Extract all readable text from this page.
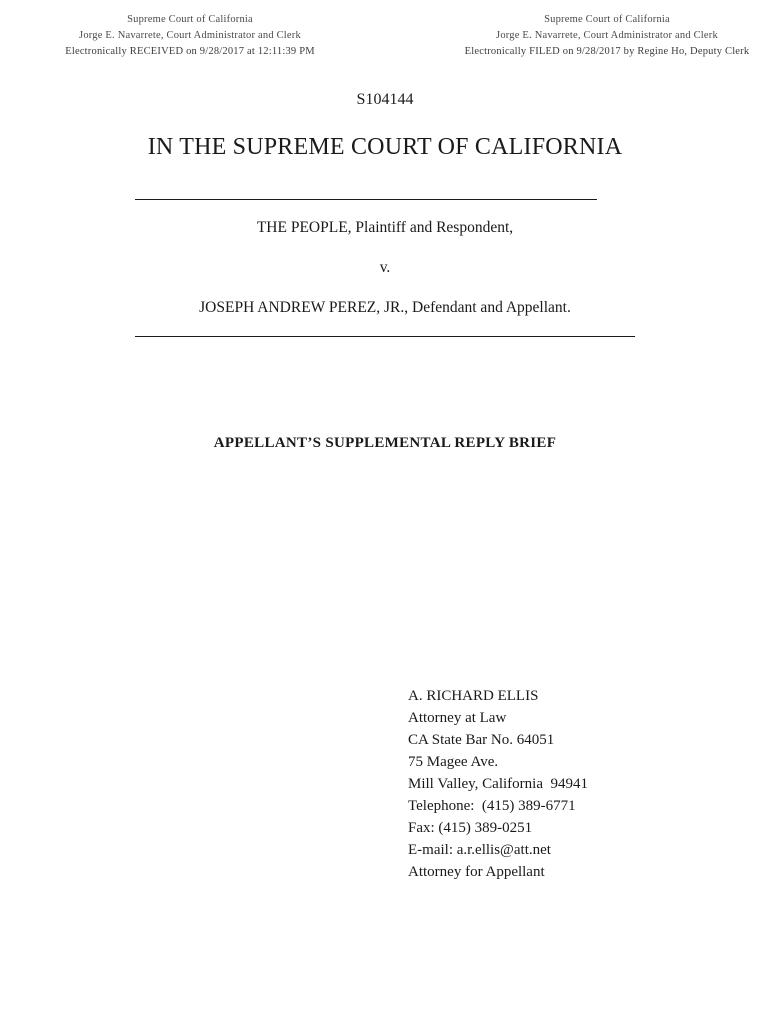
Supreme Court of California
Jorge E. Navarrete, Court Administrator and Clerk
Electronically RECEIVED on 9/28/2017 at 12:11:39 PM
Supreme Court of California
Jorge E. Navarrete, Court Administrator and Clerk
Electronically FILED on 9/28/2017 by Regine Ho, Deputy Clerk
S104144
IN THE SUPREME COURT OF CALIFORNIA
THE PEOPLE, Plaintiff and Respondent,
v.
JOSEPH ANDREW PEREZ, JR., Defendant and Appellant.
APPELLANT’S SUPPLEMENTAL REPLY BRIEF
A. RICHARD ELLIS
Attorney at Law
CA State Bar No. 64051
75 Magee Ave.
Mill Valley, California  94941
Telephone:  (415) 389-6771
Fax: (415) 389-0251
E-mail: a.r.ellis@att.net
Attorney for Appellant
